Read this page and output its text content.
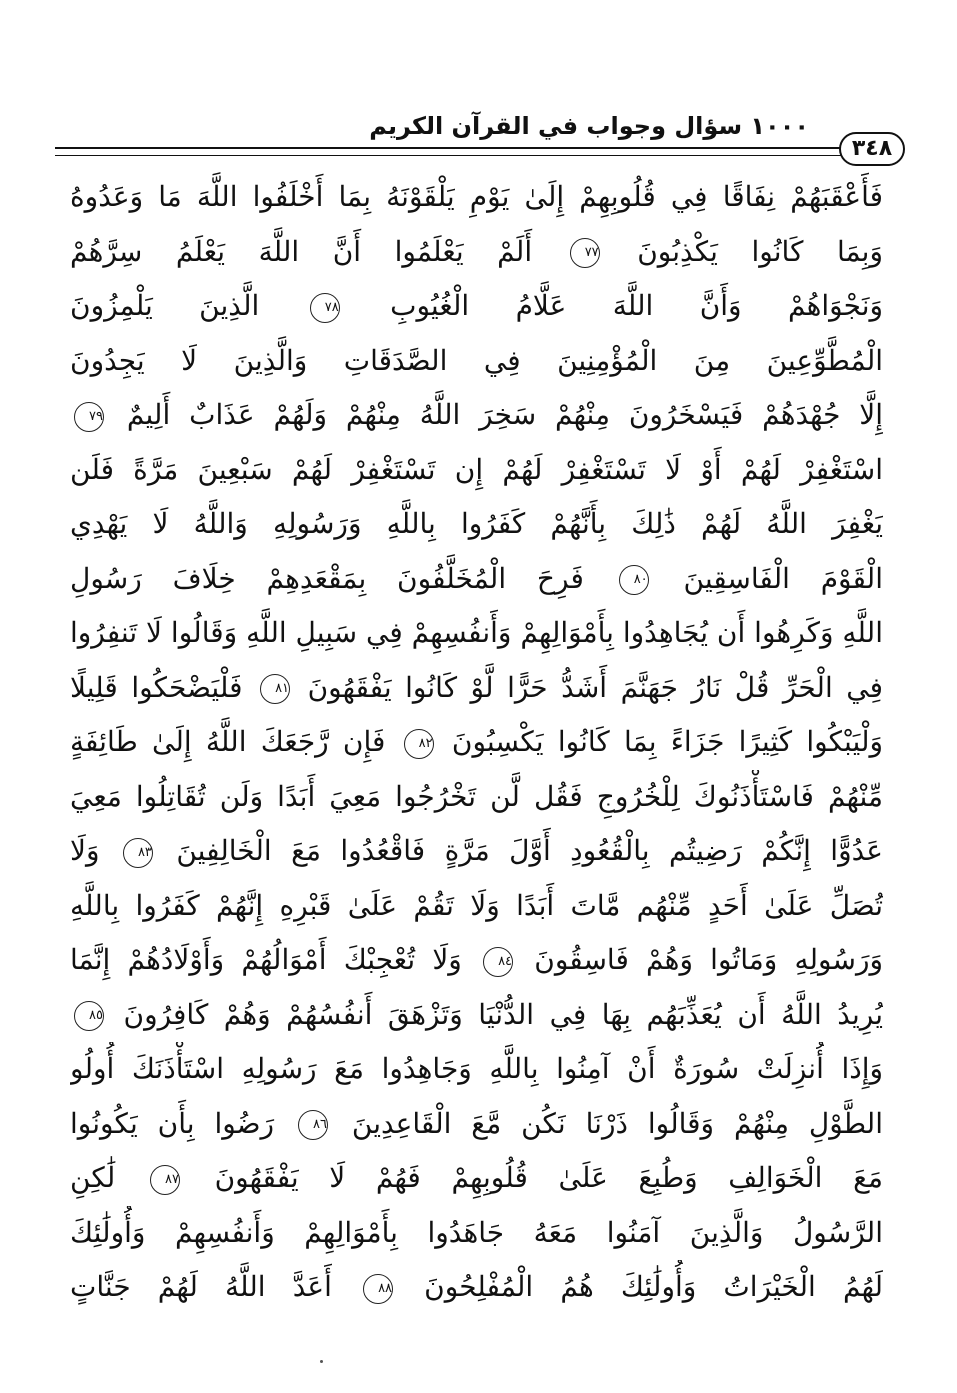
١٠٠٠ سؤال وجواب في القرآن الكريم
٣٤٨
فَأَعْقَبَهُمْ نِفَاقًا فِي قُلُوبِهِمْ إِلَىٰ يَوْمِ يَلْقَوْنَهُ بِمَا أَخْلَفُوا اللَّهَ مَا وَعَدُوهُ
وَبِمَا كَانُوا يَكْذِبُونَ ٧٧ أَلَمْ يَعْلَمُوا أَنَّ اللَّهَ يَعْلَمُ سِرَّهُمْ
وَنَجْوَاهُمْ وَأَنَّ اللَّهَ عَلَّامُ الْغُيُوبِ ٧٨ الَّذِينَ يَلْمِزُونَ
الْمُطَّوِّعِينَ مِنَ الْمُؤْمِنِينَ فِي الصَّدَقَاتِ وَالَّذِينَ لَا يَجِدُونَ
إِلَّا جُهْدَهُمْ فَيَسْخَرُونَ مِنْهُمْ سَخِرَ اللَّهُ مِنْهُمْ وَلَهُمْ عَذَابٌ أَلِيمٌ ٧٩
اسْتَغْفِرْ لَهُمْ أَوْ لَا تَسْتَغْفِرْ لَهُمْ إِن تَسْتَغْفِرْ لَهُمْ سَبْعِينَ مَرَّةً فَلَن
يَغْفِرَ اللَّهُ لَهُمْ ذَٰلِكَ بِأَنَّهُمْ كَفَرُوا بِاللَّهِ وَرَسُولِهِ وَاللَّهُ لَا يَهْدِي
الْقَوْمَ الْفَاسِقِينَ ٨٠ فَرِحَ الْمُخَلَّفُونَ بِمَقْعَدِهِمْ خِلَافَ رَسُولِ
اللَّهِ وَكَرِهُوا أَن يُجَاهِدُوا بِأَمْوَالِهِمْ وَأَنفُسِهِمْ فِي سَبِيلِ اللَّهِ وَقَالُوا لَا تَنفِرُوا
فِي الْحَرِّ قُلْ نَارُ جَهَنَّمَ أَشَدُّ حَرًّا لَّوْ كَانُوا يَفْقَهُونَ ٨١ فَلْيَضْحَكُوا قَلِيلًا
وَلْيَبْكُوا كَثِيرًا جَزَاءً بِمَا كَانُوا يَكْسِبُونَ ٨٢ فَإِن رَّجَعَكَ اللَّهُ إِلَىٰ طَائِفَةٍ
مِّنْهُمْ فَاسْتَأْذَنُوكَ لِلْخُرُوجِ فَقُل لَّن تَخْرُجُوا مَعِيَ أَبَدًا وَلَن تُقَاتِلُوا مَعِيَ
عَدُوًّا إِنَّكُمْ رَضِيتُم بِالْقُعُودِ أَوَّلَ مَرَّةٍ فَاقْعُدُوا مَعَ الْخَالِفِينَ ٨٣ وَلَا
تُصَلِّ عَلَىٰ أَحَدٍ مِّنْهُم مَّاتَ أَبَدًا وَلَا تَقُمْ عَلَىٰ قَبْرِهِ إِنَّهُمْ كَفَرُوا بِاللَّهِ
وَرَسُولِهِ وَمَاتُوا وَهُمْ فَاسِقُونَ ٨٤ وَلَا تُعْجِبْكَ أَمْوَالُهُمْ وَأَوْلَادُهُمْ إِنَّمَا
يُرِيدُ اللَّهُ أَن يُعَذِّبَهُم بِهَا فِي الدُّنْيَا وَتَزْهَقَ أَنفُسُهُمْ وَهُمْ كَافِرُونَ ٨٥
وَإِذَا أُنزِلَتْ سُورَةٌ أَنْ آمِنُوا بِاللَّهِ وَجَاهِدُوا مَعَ رَسُولِهِ اسْتَأْذَنَكَ أُولُو
الطَّوْلِ مِنْهُمْ وَقَالُوا ذَرْنَا نَكُن مَّعَ الْقَاعِدِينَ ٨٦ رَضُوا بِأَن يَكُونُوا
مَعَ الْخَوَالِفِ وَطُبِعَ عَلَىٰ قُلُوبِهِمْ فَهُمْ لَا يَفْقَهُونَ ٨٧ لَٰكِنِ
الرَّسُولُ وَالَّذِينَ آمَنُوا مَعَهُ جَاهَدُوا بِأَمْوَالِهِمْ وَأَنفُسِهِمْ وَأُولَٰئِكَ
لَهُمُ الْخَيْرَاتُ وَأُولَٰئِكَ هُمُ الْمُفْلِحُونَ ٨٨ أَعَدَّ اللَّهُ لَهُمْ جَنَّاتٍ
